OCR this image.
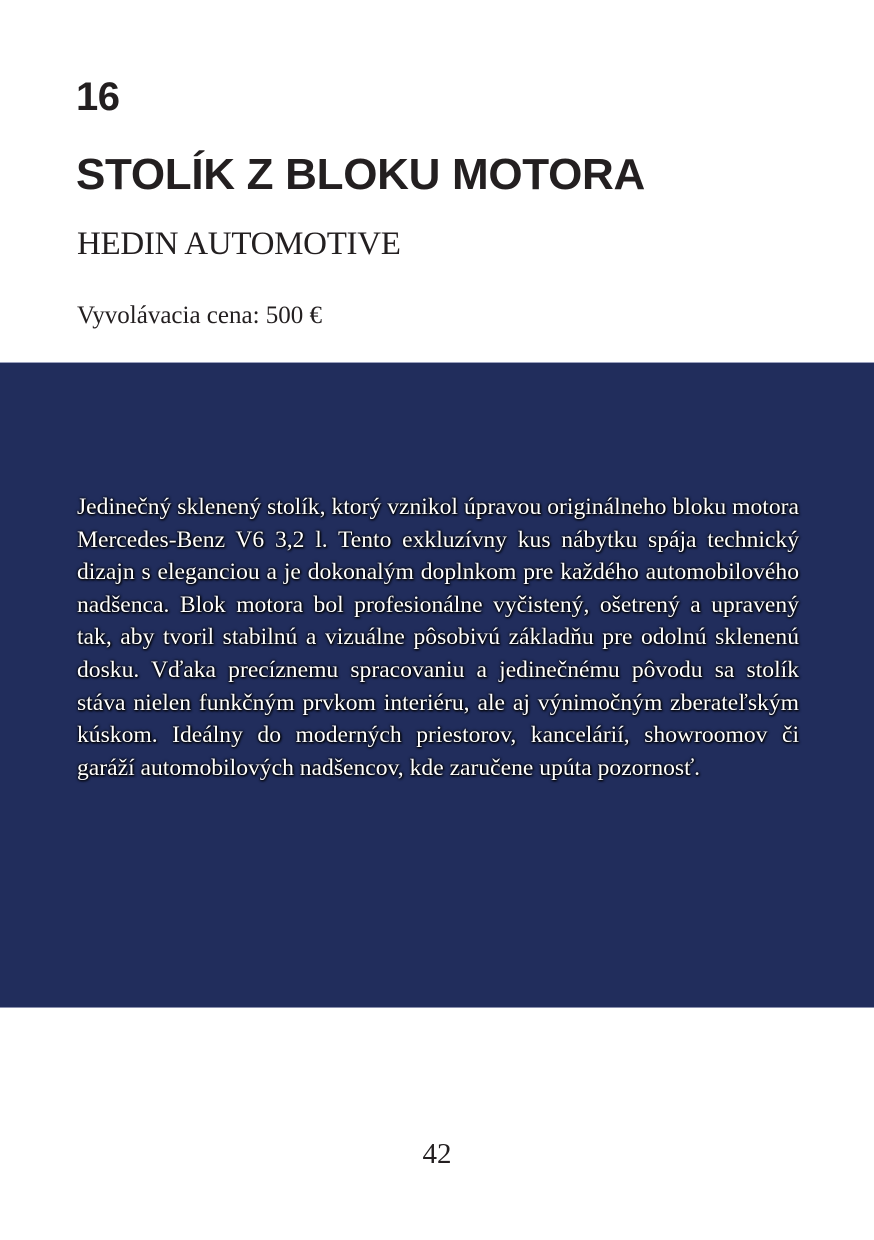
16
STOLÍK Z BLOKU MOTORA
HEDIN AUTOMOTIVE
Vyvolávacia cena: 500 €

Jedinečný sklenený stolík, ktorý vznikol úpravou originálneho bloku motora Mercedes-Benz V6 3,2 l. Tento exkluzívny kus nábytku spája technický dizajn s eleganciou a je dokonalým doplnkom pre každého automobilového nadšenca. Blok motora bol profesionálne vyčistený, ošetrený a upravený tak, aby tvoril stabilnú a vizuálne pôsobivú základňu pre odolnú sklenenú dosku. Vďaka precíznemu spracovaniu a jedinečnému pôvodu sa stolík stáva nielen funkčným prvkom interiéru, ale aj výnimočným zberateľským kúskom. Ideálny do moderných priestorov, kancelárií, showroomov či garáží automobilových nadšencov, kde zaručene upúta pozornosť.

42
